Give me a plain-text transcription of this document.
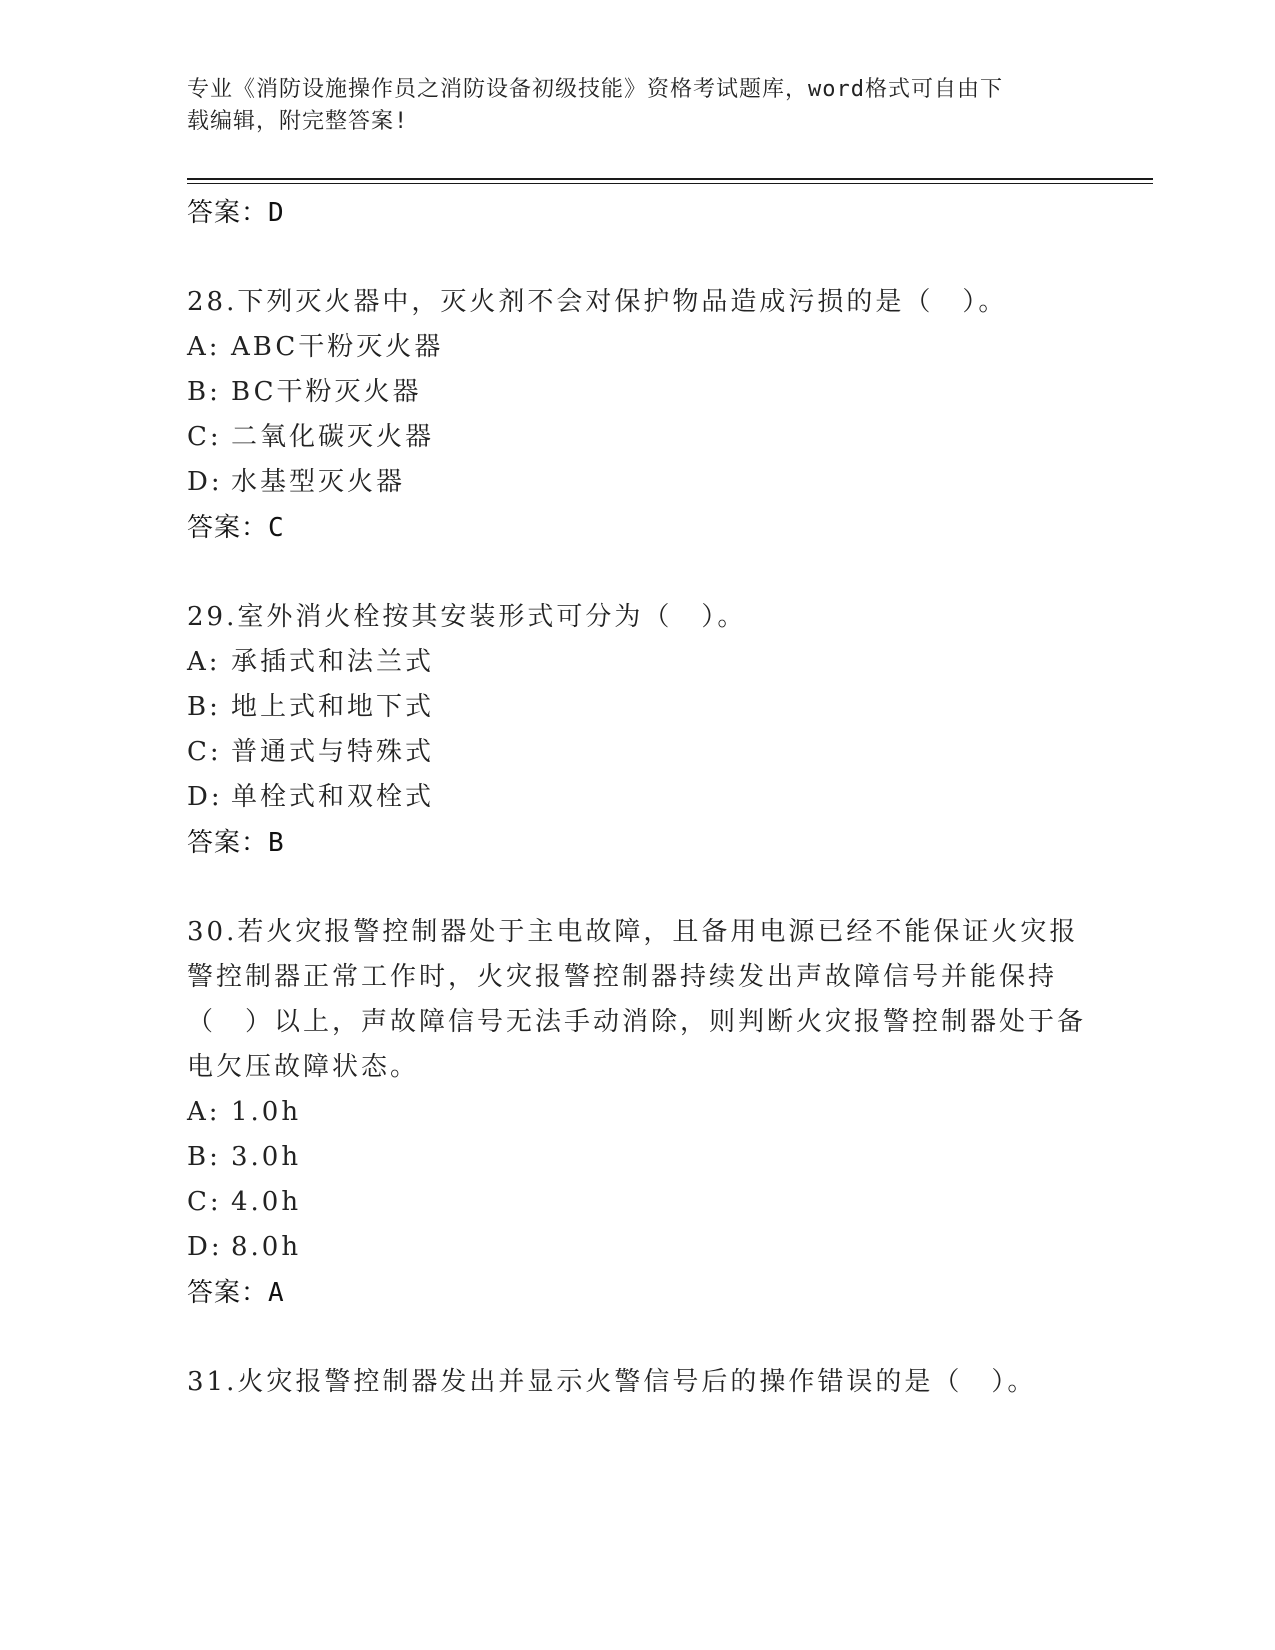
专业《消防设施操作员之消防设备初级技能》资格考试题库，word格式可自由下
载编辑，附完整答案!
答案：D

28.下列灭火器中，灭火剂不会对保护物品造成污损的是（　）。

A: ABC干粉灭火器
B: BC干粉灭火器
C: 二氧化碳灭火器
D: 水基型灭火器
答案：C

29.室外消火栓按其安装形式可分为（　）。

A: 承插式和法兰式
B: 地上式和地下式
C: 普通式与特殊式
D: 单栓式和双栓式
答案：B

30.若火灾报警控制器处于主电故障，且备用电源已经不能保证火灾报警控制器正常工作时，火灾报警控制器持续发出声故障信号并能保持（　）以上，声故障信号无法手动消除，则判断火灾报警控制器处于备电欠压故障状态。

A: 1.0h
B: 3.0h
C: 4.0h
D: 8.0h
答案：A

31.火灾报警控制器发出并显示火警信号后的操作错误的是（　）。
